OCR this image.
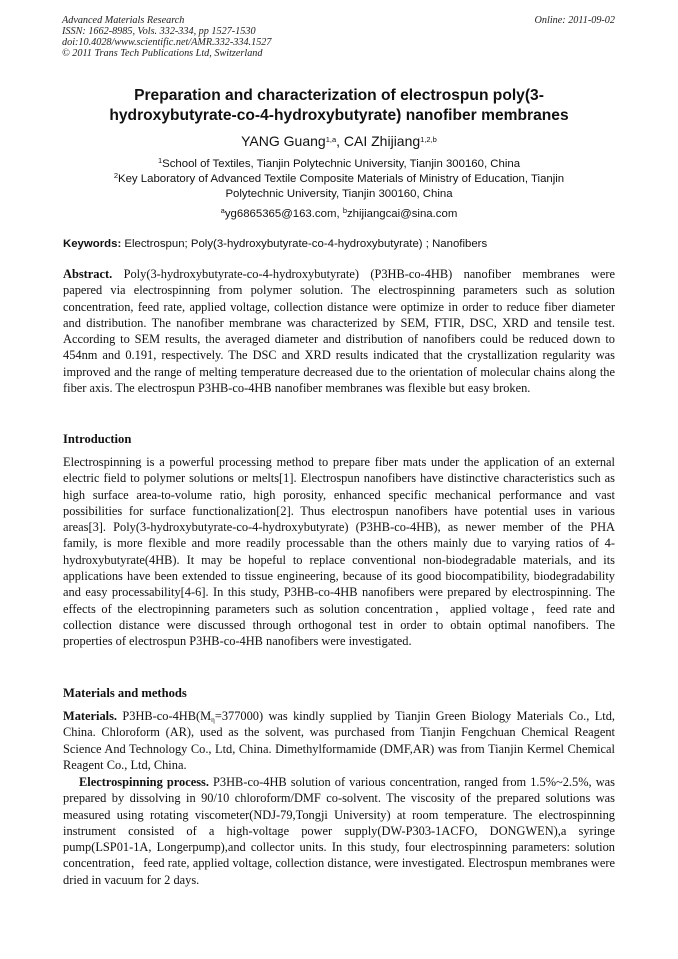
Advanced Materials Research
ISSN: 1662-8985, Vols. 332-334, pp 1527-1530
doi:10.4028/www.scientific.net/AMR.332-334.1527
© 2011 Trans Tech Publications Ltd, Switzerland
Online: 2011-09-02
Preparation and characterization of electrospun poly(3-
hydroxybutyrate-co-4-hydroxybutyrate) nanofiber membranes
YANG Guang$^{1,a}$, CAI Zhijiang$^{1,2,b}$
$^1$School of Textiles, Tianjin Polytechnic University, Tianjin 300160, China
$^2$Key Laboratory of Advanced Textile Composite Materials of Ministry of Education, Tianjin
Polytechnic University, Tianjin 300160, China
$^a$yg6865365@163.com, $^b$zhijiangcai@sina.com
Keywords: Electrospun; Poly(3-hydroxybutyrate-co-4-hydroxybutyrate) ; Nanofibers

Abstract. Poly(3-hydroxybutyrate-co-4-hydroxybutyrate) (P3HB-co-4HB) nanofiber membranes were papered via electrospinning from polymer solution. The electrospinning parameters such as solution concentration, feed rate, applied voltage, collection distance were optimize in order to reduce fiber diameter and distribution. The nanofiber membrane was characterized by SEM, FTIR, DSC, XRD and tensile test. According to SEM results, the averaged diameter and distribution of nanofibers could be reduced down to 454nm and 0.191, respectively. The DSC and XRD results indicated that the crystallization regularity was improved and the range of melting temperature decreased due to the orientation of molecular chains along the fiber axis. The electrospun P3HB-co-4HB nanofiber membranes was flexible but easy broken.

Introduction

Electrospinning is a powerful processing method to prepare fiber mats under the application of an external electric field to polymer solutions or melts[1]. Electrospun nanofibers have distinctive characteristics such as high surface area-to-volume ratio, high porosity, enhanced specific mechanical performance and vast possibilities for surface functionalization[2]. Thus electrospun nanofibers have potential uses in various areas[3]. Poly(3-hydroxybutyrate-co-4-hydroxybutyrate) (P3HB-co-4HB), as newer member of the PHA family, is more flexible and more readily processable than the others mainly due to varying ratios of 4-hydroxybutyrate(4HB). It may be hopeful to replace conventional non-biodegradable materials, and its applications have been extended to tissue engineering, because of its good biocompatibility, biodegradability and easy processability[4-6]. In this study, P3HB-co-4HB nanofibers were prepared by electrospinning. The effects of the electropinning parameters such as solution concentration，applied voltage，feed rate and collection distance were discussed through orthogonal test in order to obtain optimal nanofibers. The properties of electrospun P3HB-co-4HB nanofibers were investigated.

Materials and methods

Materials. $P3HB-co-4HB(M_\eta=377000)$ was kindly supplied by Tianjin Green Biology Materials Co., Ltd, China. Chloroform (AR), used as the solvent, was purchased from Tianjin Fengchuan Chemical Reagent Science And Technology Co., Ltd, China. Dimethylformamide (DMF,AR) was from Tianjin Kermel Chemical Reagent Co., Ltd, China.

Electrospinning process. P3HB-co-4HB solution of various concentration, ranged from 1.5%~2.5%, was prepared by dissolving in 90/10 chloroform/DMF co-solvent. The viscosity of the prepared solutions was measured using rotating viscometer(NDJ-79,Tongji University) at room temperature. The electrospinning instrument consisted of a high-voltage power supply(DW-P303-1ACFO, DONGWEN),a syringe pump(LSP01-1A, Longerpump),and collector units. In this study, four electrospinning parameters: solution concentration，feed rate, applied voltage, collection distance, were investigated. Electrospun membranes were dried in vacuum for 2 days.
